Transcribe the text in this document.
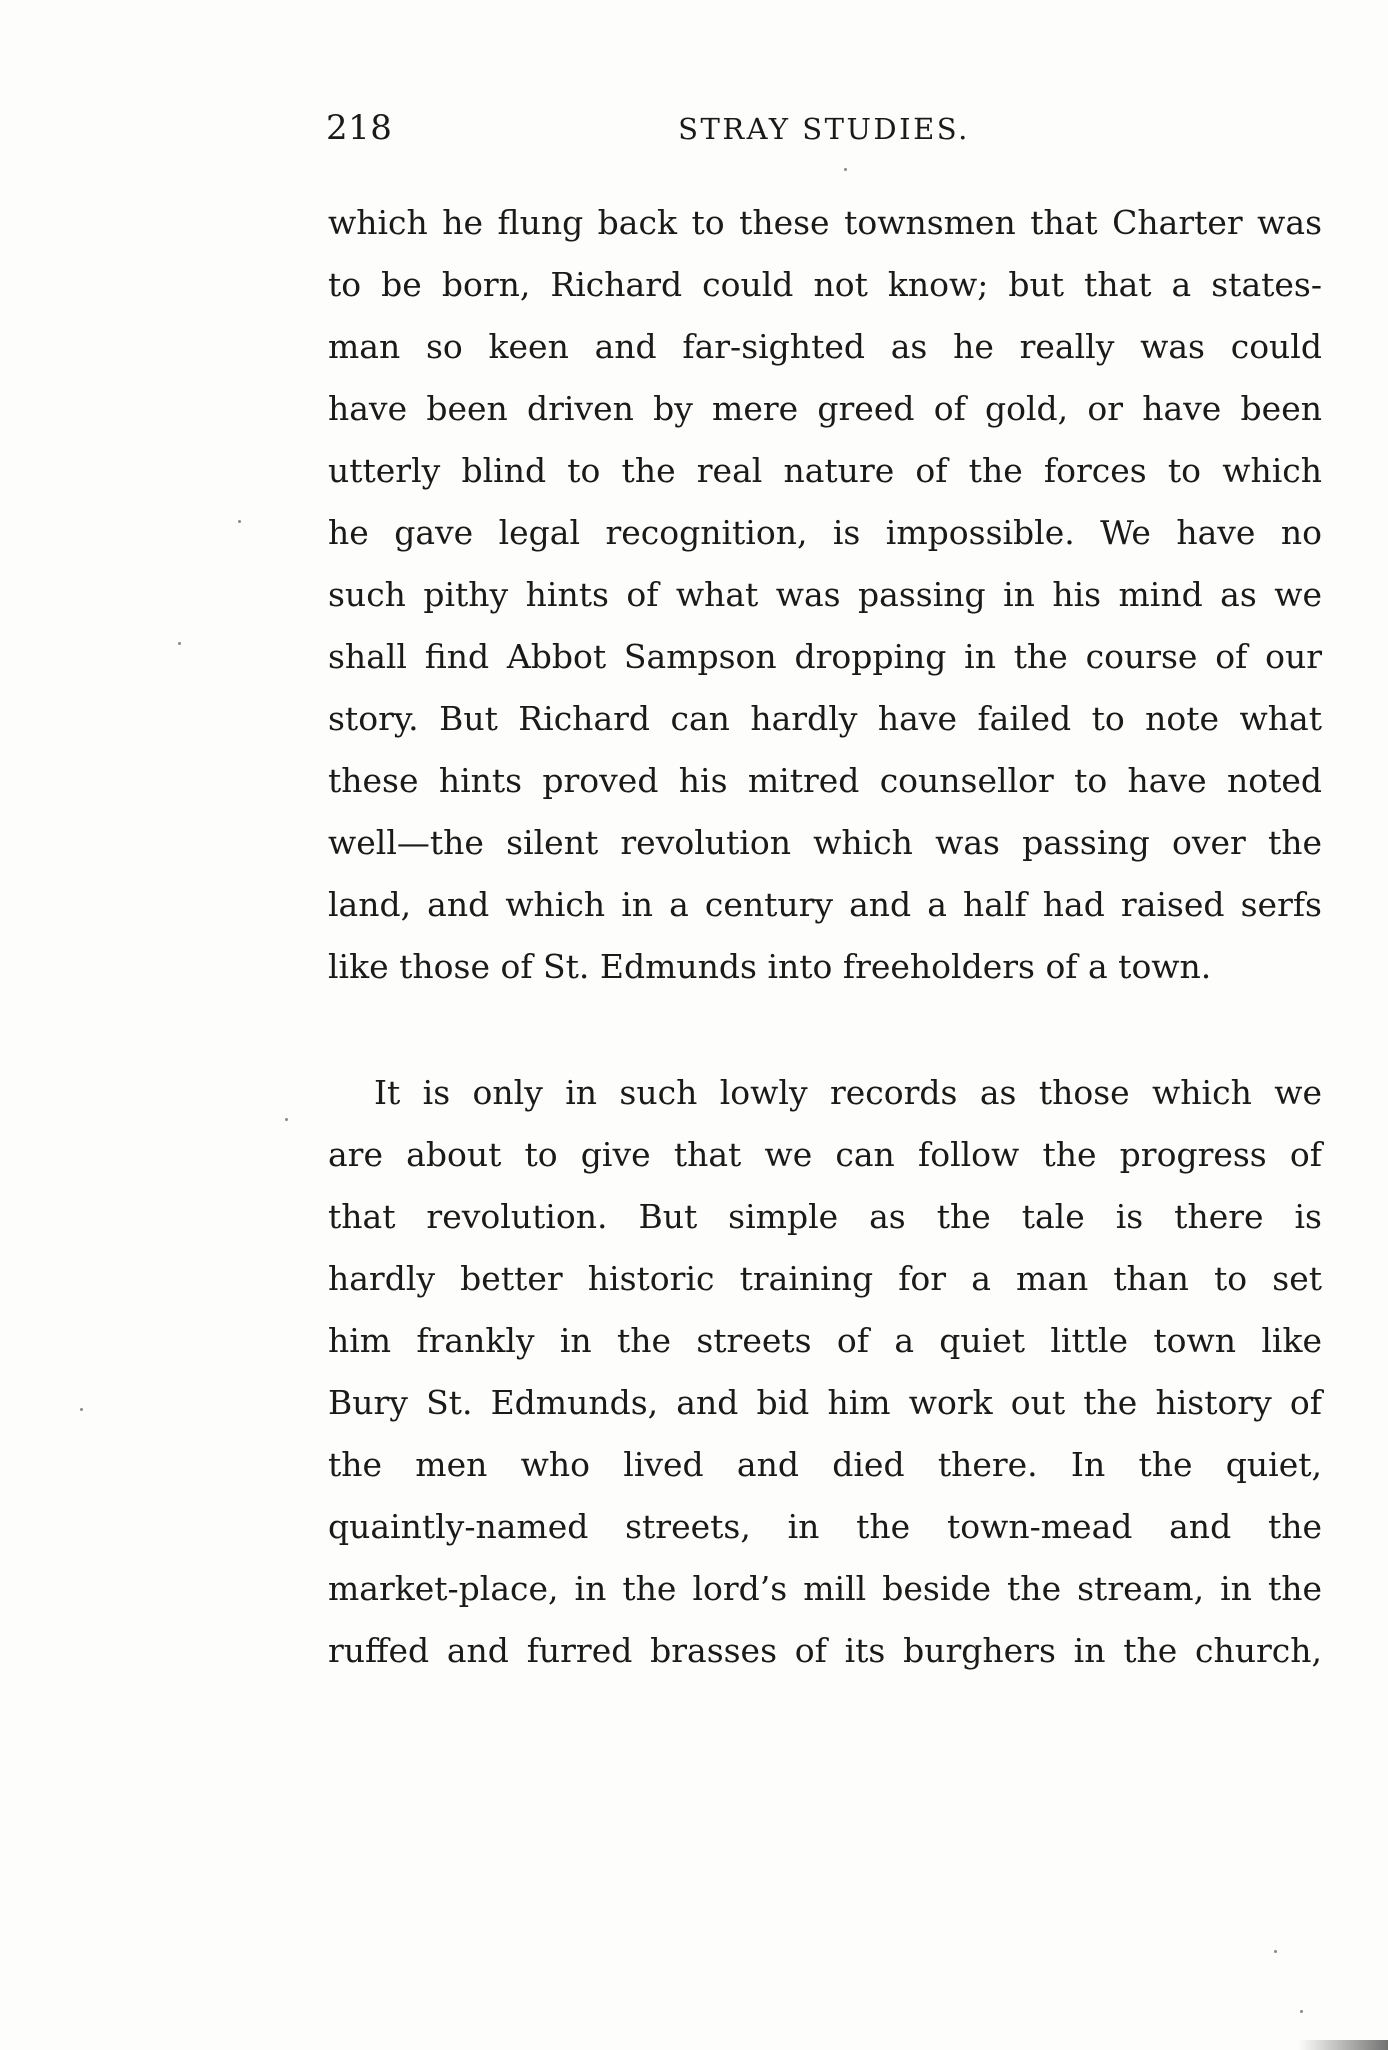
218	STRAY STUDIES.
which he flung back to these townsmen that Charter was
to be born, Richard could not know; but that a states-
man so keen and far-sighted as he really was could
have been driven by mere greed of gold, or have been
utterly blind to the real nature of the forces to which
he gave legal recognition, is impossible. We have no
such pithy hints of what was passing in his mind as we
shall find Abbot Sampson dropping in the course of our
story. But Richard can hardly have failed to note what
these hints proved his mitred counsellor to have noted
well—the silent revolution which was passing over the
land, and which in a century and a half had raised serfs
like those of St. Edmunds into freeholders of a town.
It is only in such lowly records as those which we
are about to give that we can follow the progress of
that revolution. But simple as the tale is there is
hardly better historic training for a man than to set
him frankly in the streets of a quiet little town like
Bury St. Edmunds, and bid him work out the history of
the men who lived and died there. In the quiet,
quaintly-named streets, in the town-mead and the
market-place, in the lord’s mill beside the stream, in the
ruffed and furred brasses of its burghers in the church,
